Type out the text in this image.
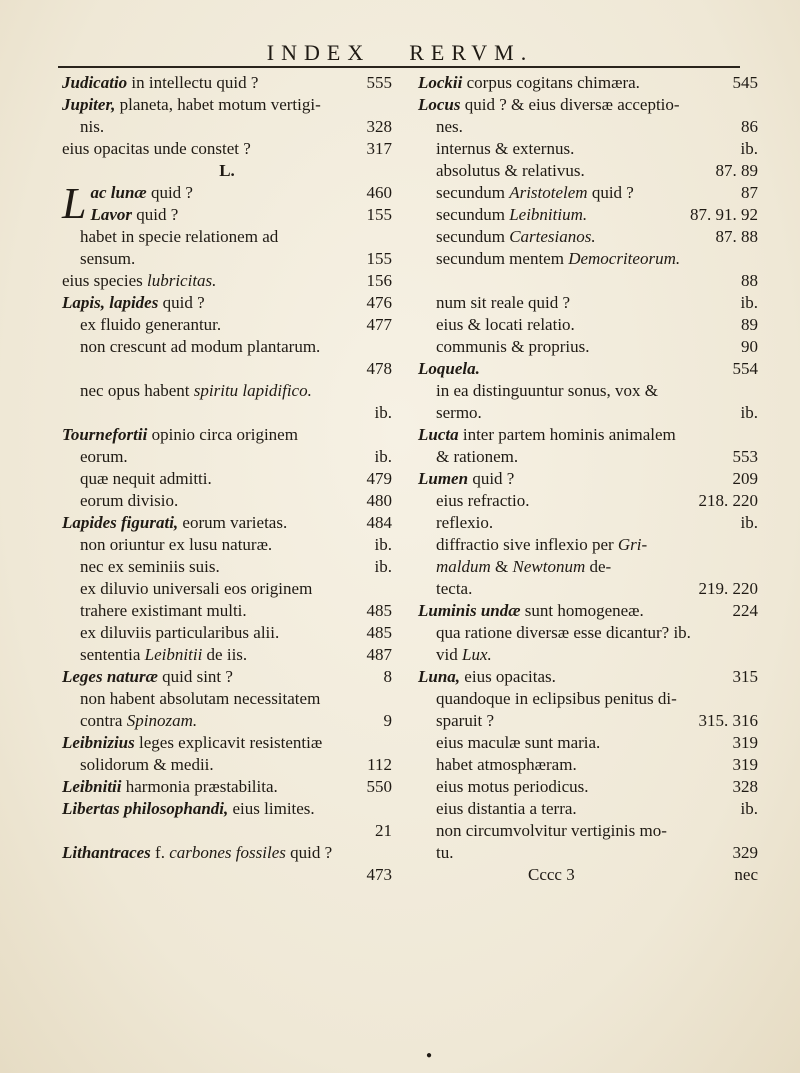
INDEX RERVM.
Judicatio in intellectu quid ?	555
Jupiter, planeta, habet motum vertigi-
nis.	328
eius opacitas unde constet ?	317
L.
Lac lunæ quid ?	460
Lavor quid ?	155
habet in specie relationem ad
sensum.	155
eius species lubricitas.	156
Lapis, lapides quid ?	476
ex fluido generantur.	477
non crescunt ad modum plantarum.
478
nec opus habent spiritu lapidifico.
ib.
Tournefortii opinio circa originem
eorum.	ib.
quæ nequit admitti.	479
eorum divisio.	480
Lapides figurati, eorum varietas.	484
non oriuntur ex lusu naturæ.	ib.
nec ex seminiis suis.	ib.
ex diluvio universali eos originem
trahere existimant multi.	485
ex diluviis particularibus alii.	485
sententia Leibnitii de iis.	487
Leges naturæ quid sint ?	8
non habent absolutam necessitatem
contra Spinozam.	9
Leibnizius leges explicavit resistentiæ
solidorum & medii.	112
Leibnitii harmonia præstabilita.	550
Libertas philosophandi, eius limites.
21
Lithantraces f. carbones fossiles quid ?
473
Lockii corpus cogitans chimæra.	545
Locus quid ? & eius diversæ acceptio-
nes.	86
internus & externus.	ib.
absolutus & relativus.	87. 89
secundum Aristotelem quid ?	87
secundum Leibnitium.	87. 91. 92
secundum Cartesianos.	87. 88
secundum mentem Democriteorum.
88
num sit reale quid ?	ib.
eius & locati relatio.	89
communis & proprius.	90
Loquela.	554
in ea distinguuntur sonus, vox &
sermo.	ib.
Lucta inter partem hominis animalem
& rationem.	553
Lumen quid ?	209
eius refractio.	218. 220
reflexio.	ib.
diffractio sive inflexio per Gri-
maldum & Newtonum de-
tecta.	219. 220
Luminis undæ sunt homogeneæ.	224
qua ratione diversæ esse dicantur? ib.
vid Lux.
Luna, eius opacitas.	315
quandoque in eclipsibus penitus di-
sparuit ?	315. 316
eius maculæ sunt maria.	319
habet atmosphæram.	319
eius motus periodicus.	328
eius distantia a terra.	ib.
non circumvolvitur vertiginis mo-
tu.	329
Cccc 3	nec
●
